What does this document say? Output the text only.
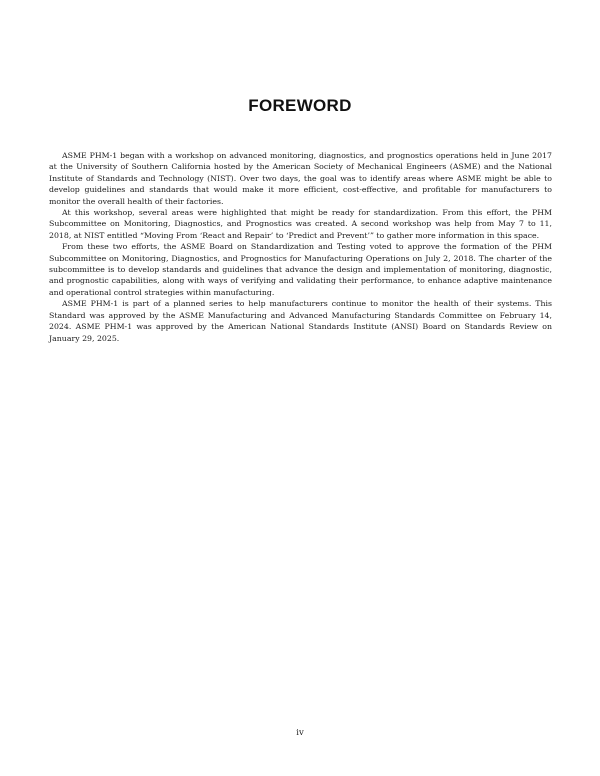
FOREWORD

ASME PHM-1 began with a workshop on advanced monitoring, diagnostics, and prognostics operations held in June 2017 at the University of Southern California hosted by the American Society of Mechanical Engineers (ASME) and the National Institute of Standards and Technology (NIST). Over two days, the goal was to identify areas where ASME might be able to develop guidelines and standards that would make it more efficient, cost-effective, and profitable for manufacturers to monitor the overall health of their factories.

At this workshop, several areas were highlighted that might be ready for standardization. From this effort, the PHM Subcommittee on Monitoring, Diagnostics, and Prognostics was created. A second workshop was help from May 7 to 11, 2018, at NIST entitled “Moving From ‘React and Repair’ to ‘Predict and Prevent’” to gather more information in this space.

From these two efforts, the ASME Board on Standardization and Testing voted to approve the formation of the PHM Subcommittee on Monitoring, Diagnostics, and Prognostics for Manufacturing Operations on July 2, 2018. The charter of the subcommittee is to develop standards and guidelines that advance the design and implementation of monitoring, diagnostic, and prognostic capabilities, along with ways of verifying and validating their performance, to enhance adaptive maintenance and operational control strategies within manufacturing.

ASME PHM-1 is part of a planned series to help manufacturers continue to monitor the health of their systems. This Standard was approved by the ASME Manufacturing and Advanced Manufacturing Standards Committee on February 14, 2024. ASME PHM-1 was approved by the American National Standards Institute (ANSI) Board on Standards Review on January 29, 2025.

iv
